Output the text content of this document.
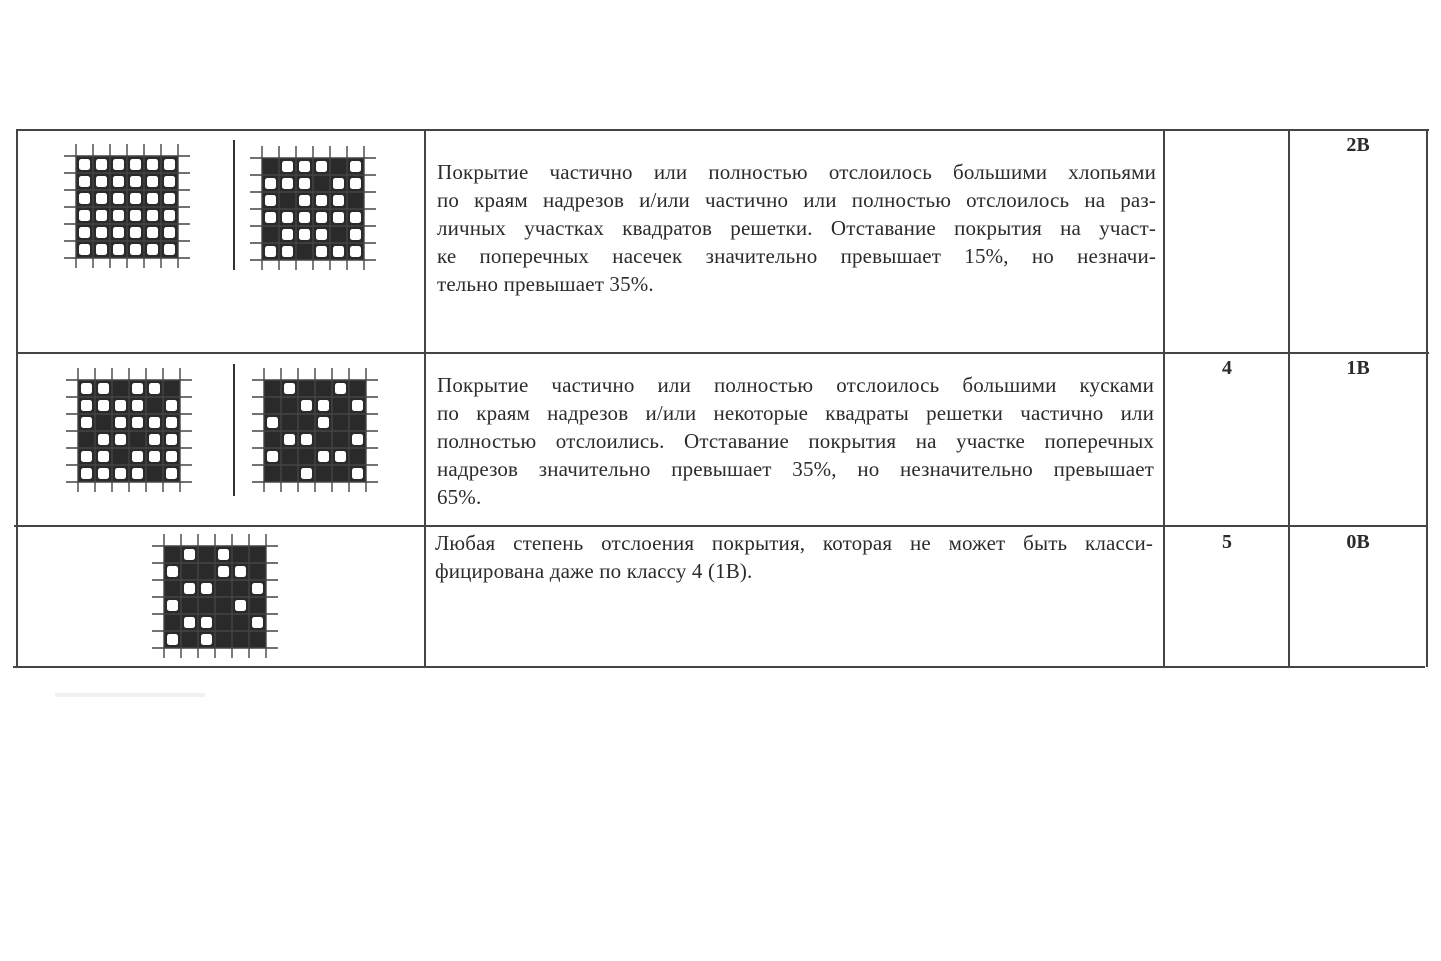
Покрытие частично или полностью отслоилось большими хлопьями
по краям надрезов и/или частично или полностью отслоилось на раз-
личных участках квадратов решетки. Отставание покрытия на участ-
ке поперечных насечек значительно превышает 15%, но незначи-
тельно превышает 35%.
2B
Покрытие частично или полностью отслоилось большими кусками
по краям надрезов и/или некоторые квадраты решетки частично или
полностью отслоились. Отставание покрытия на участке поперечных
надрезов значительно превышает 35%, но незначительно превышает
65%.
4	1B
Любая степень отслоения покрытия, которая не может быть класси-
фицирована даже по классу 4 (1В).
5	0B
